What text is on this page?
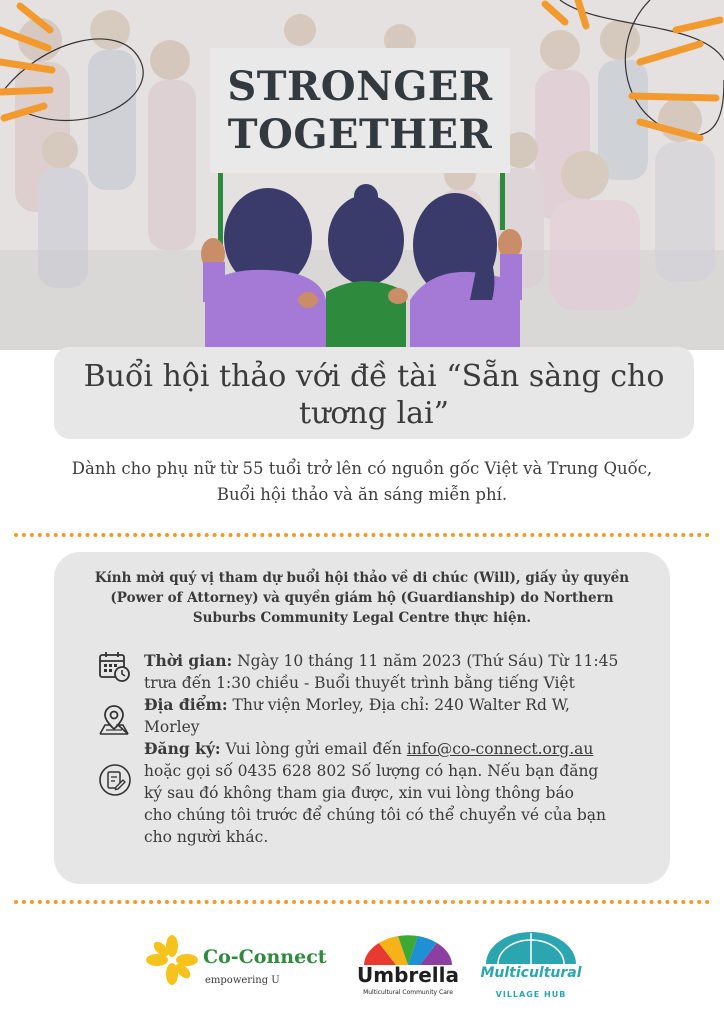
STRONGER
TOGETHER
Buổi hội thảo với đề tài “Sẵn sàng cho
tương lai”
Dành cho phụ nữ từ 55 tuổi trở lên có nguồn gốc Việt và Trung Quốc,
Buổi hội thảo và ăn sáng miễn phí.
Kính mời quý vị tham dự buổi hội thảo về di chúc (Will), giấy ủy quyền
(Power of Attorney) và quyền giám hộ (Guardianship) do Northern
Suburbs Community Legal Centre thực hiện.
Thời gian: Ngày 10 tháng 11 năm 2023 (Thứ Sáu) Từ 11:45
trưa đến 1:30 chiều - Buổi thuyết trình bằng tiếng Việt
Địa điểm: Thư viện Morley, Địa chỉ: 240 Walter Rd W,
Morley
Đăng ký: Vui lòng gửi email đến info@co-connect.org.au
hoặc gọi số 0435 628 802 Số lượng có hạn. Nếu bạn đăng
ký sau đó không tham gia được, xin vui lòng thông báo
cho chúng tôi trước để chúng tôi có thể chuyển vé của bạn
cho người khác.
Co-Connect
empowering U	Umbrella
Multicultural Community Care
Multicultural
VILLAGE HUB
